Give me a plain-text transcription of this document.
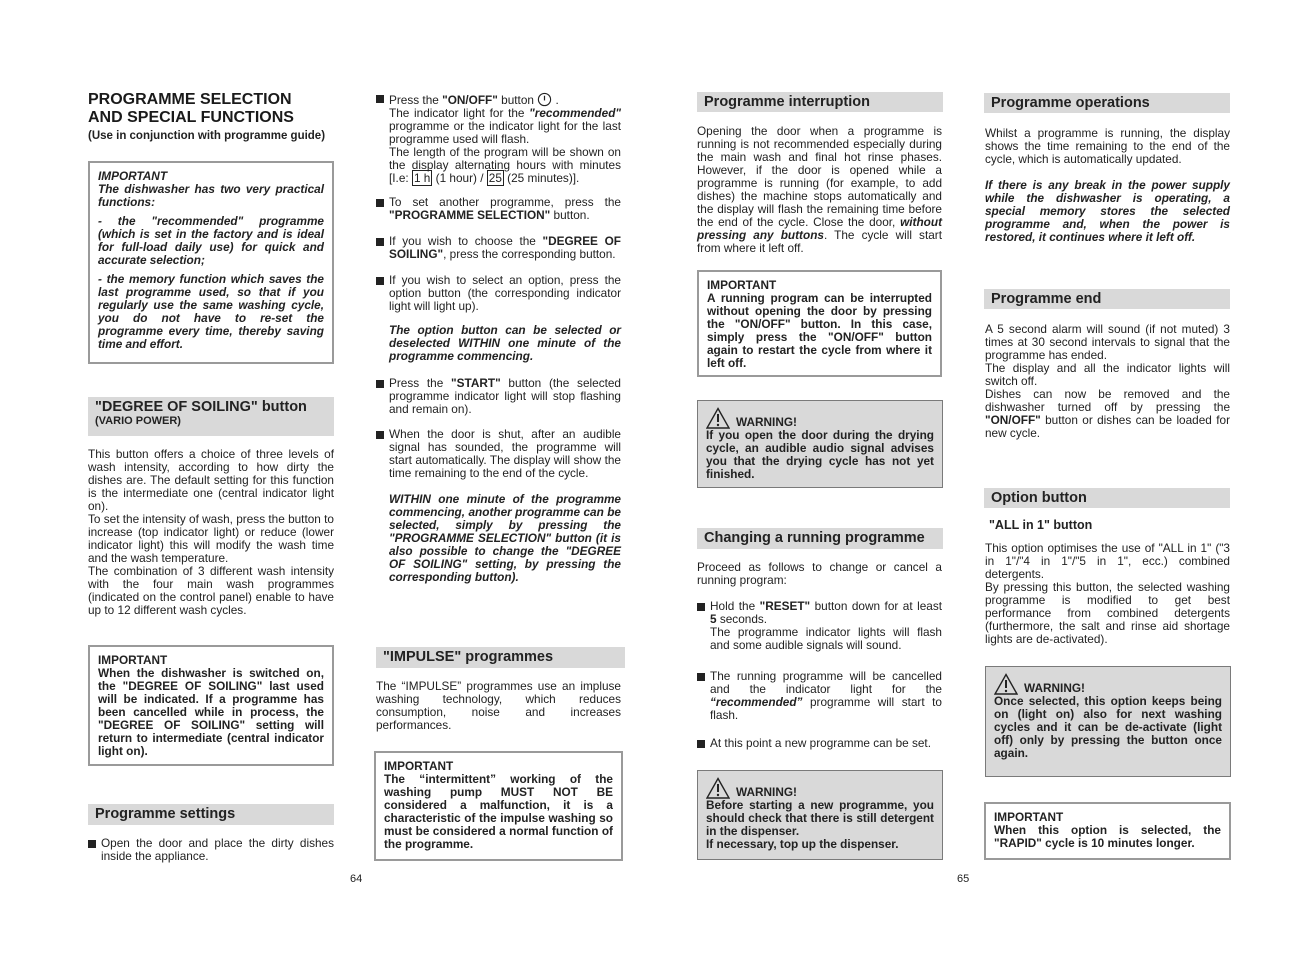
PROGRAMME SELECTION
AND SPECIAL FUNCTIONS
(Use in conjunction with programme guide)
IMPORTANT
The dishwasher has two very practical functions:
- the "recommended" programme (which is set in the factory and is ideal for full-load daily use) for quick and accurate selection;
- the memory function which saves the last programme used, so that if you regularly use the same washing cycle, you do not have to re-set the programme every time, thereby saving time and effort.
"DEGREE OF SOILING" button
(VARIO POWER)

This button offers a choice of three levels of wash intensity, according to how dirty the dishes are. The default setting for this function is the intermediate one (central indicator light on).
To set the intensity of wash, press the button to increase (top indicator light) or reduce (lower indicator light) this will modify the wash time and the wash temperature.
The combination of 3 different wash intensity with the four main wash programmes (indicated on the control panel) enable to have up to 12 different wash cycles.

IMPORTANT
When the dishwasher is switched on, the "DEGREE OF SOILING" last used will be indicated. If a programme has been cancelled while in process, the "DEGREE OF SOILING" setting will return to intermediate (central indicator light on).
Programme settings
Open the door and place the dirty dishes inside the appliance.
64
Press the "ON/OFF" button .
The indicator light for the "recommended" programme or the indicator light for the last programme used will flash.
The length of the program will be shown on the display alternating hours with minutes [I.e: 1 h (1 hour) / 25 (25 minutes)].
To set another programme, press the "PROGRAMME SELECTION" button.
If you wish to choose the "DEGREE OF SOILING", press the corresponding button.
If you wish to select an option, press the option button (the corresponding indicator light will light up).
The option button can be selected or deselected WITHIN one minute of the programme commencing.
Press the "START" button (the selected programme indicator light will stop flashing and remain on).
When the door is shut, after an audible signal has sounded, the programme will start automatically. The display will show the time remaining to the end of the cycle.
WITHIN one minute of the programme commencing, another programme can be selected, simply by pressing the "PROGRAMME SELECTION" button (it is also possible to change the "DEGREE OF SOILING" setting, by pressing the corresponding button).
"IMPULSE" programmes

The “IMPULSE” programmes use an impluse washing technology, which reduces consumption, noise and increases performances.

IMPORTANT
The “intermittent” working of the washing pump MUST NOT BE considered a malfunction, it is a characteristic of the impulse washing so must be considered a normal function of the programme.
Programme interruption

Opening the door when a programme is running is not recommended especially during the main wash and final hot rinse phases. However, if the door is opened while a programme is running (for example, to add dishes) the machine stops automatically and the display will flash the remaining time before the end of the cycle. Close the door, without pressing any buttons. The cycle will start from where it left off.

IMPORTANT
A running program can be interrupted without opening the door by pressing the "ON/OFF" button. In this case, simply press the "ON/OFF" button again to restart the cycle from where it left off.
WARNING!
If you open the door during the drying cycle, an audible audio signal advises you that the drying cycle has not yet finished.
Changing a running programme

Proceed as follows to change or cancel a running program:

Hold the "RESET" button down for at least 5 seconds.
The programme indicator lights will flash and some audible signals will sound.
The running programme will be cancelled and the indicator light for the “recommended” programme will start to flash.
At this point a new programme can be set.
WARNING!
Before starting a new programme, you should check that there is still detergent in the dispenser.
If necessary, top up the dispenser.
Programme operations

Whilst a programme is running, the display shows the time remaining to the end of the cycle, which is automatically updated.

If there is any break in the power supply while the dishwasher is operating, a special memory stores the selected programme and, when the power is restored, it continues where it left off.

Programme end

A 5 second alarm will sound (if not muted) 3 times at 30 second intervals to signal that the programme has ended.
The display and all the indicator lights will switch off.
Dishes can now be removed and the dishwasher turned off by pressing the "ON/OFF" button or dishes can be loaded for new cycle.

Option button
"ALL in 1" button

This option optimises the use of "ALL in 1" ("3 in 1"/"4 in 1"/"5 in 1", ecc.) combined detergents.
By pressing this button, the selected washing programme is modified to get best performance from combined detergents (furthermore, the salt and rinse aid shortage lights are de-activated).

WARNING!
Once selected, this option keeps being on (light on) also for next washing cycles and it can be de-activate (light off) only by pressing the button once again.
IMPORTANT
When this option is selected, the "RAPID" cycle is 10 minutes longer.
65
